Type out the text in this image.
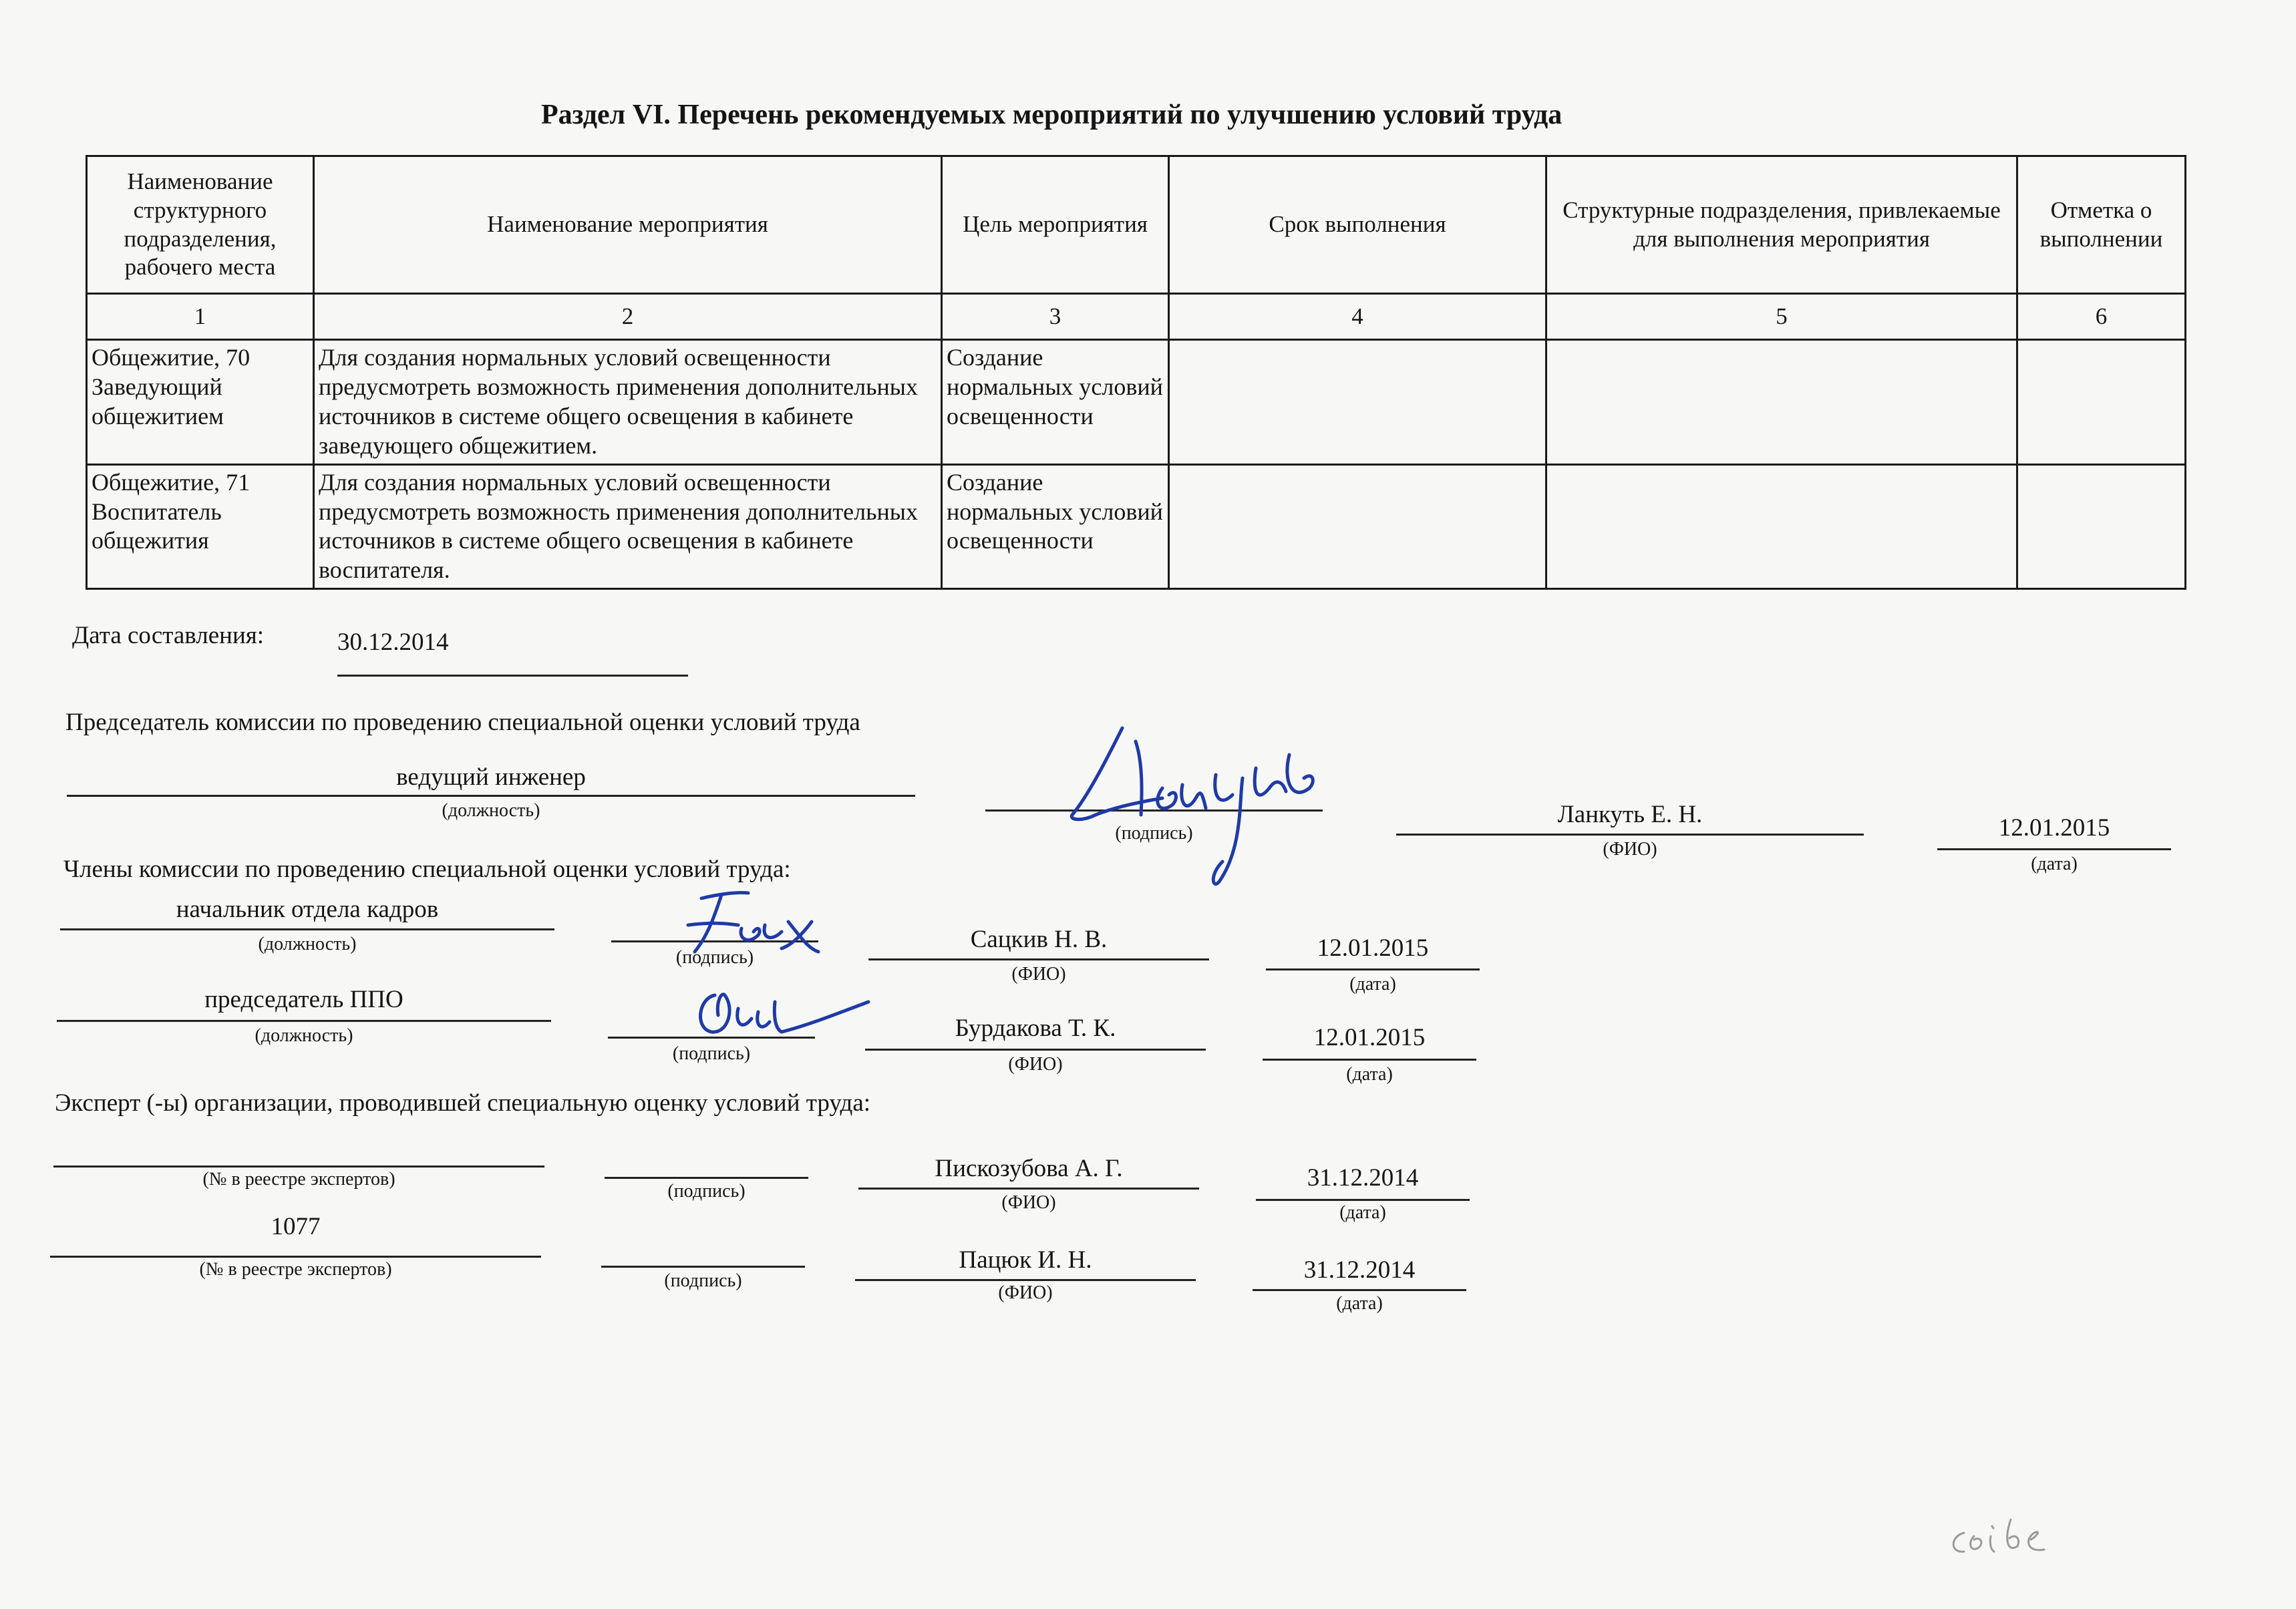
Раздел VI. Перечень рекомендуемых мероприятий по улучшению условий труда
Наименование структурного подразделения, рабочего места	Наименование мероприятия	Цель мероприятия	Срок выполнения	Структурные подразделения, привлекаемые для выполнения мероприятия	Отметка о выполнении
1	2	3	4	5	6
Общежитие, 70 Заведующий общежитием	Для создания нормальных условий освещенности предусмотреть возможность применения дополнительных источников в системе общего освещения в кабинете заведующего общежитием.	Создание нормальных условий освещенности			
Общежитие, 71 Воспитатель общежития	Для создания нормальных условий освещенности предусмотреть возможность применения дополнительных источников в системе общего освещения в кабинете воспитателя.	Создание нормальных условий освещенности			
Дата составления:	30.12.2014
Председатель комиссии по проведению специальной оценки условий труда
ведущий инженер
(должность)
(подпись)
Ланкуть Е. Н.
(ФИО)
12.01.2015
(дата)
Члены комиссии по проведению специальной оценки условий труда:
начальник отдела кадров
(должность)
(подпись)
Сацкив Н. В.
(ФИО)
12.01.2015
(дата)
председатель ППО
(должность)
(подпись)
Бурдакова Т. К.
(ФИО)
12.01.2015
(дата)
Эксперт (-ы) организации, проводившей специальную оценку условий труда:
(№ в реестре экспертов)
(подпись)
Пискозубова А. Г.
(ФИО)
31.12.2014
(дата)
1077
(№ в реестре экспертов)
(подпись)
Пацюк И. Н.
(ФИО)
31.12.2014
(дата)
